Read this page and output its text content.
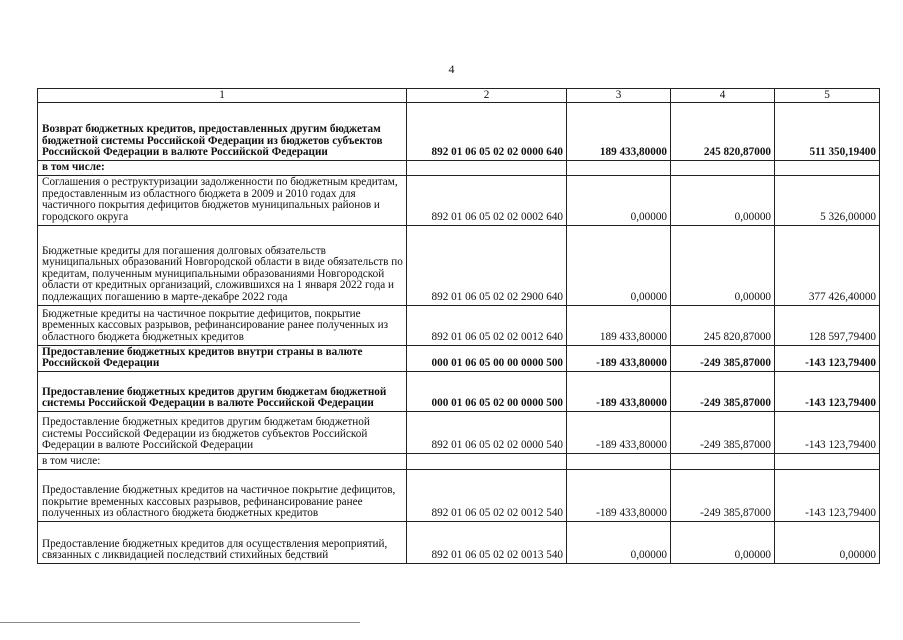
4
1	2	3	4	5
Возврат бюджетных кредитов, предоставленных другим бюджетам бюджетной системы Российской Федерации из бюджетов субъектов Российской Федерации в валюте Российской Федерации	892 01 06 05 02 02 0000 640	189 433,80000	245 820,87000	511 350,19400
в том числе:				
Соглашения о реструктуризации задолженности по бюджетным кредитам, предоставленным из областного бюджета в 2009 и 2010 годах для частичного покрытия дефицитов бюджетов муниципальных районов и городского округа	892 01 06 05 02 02 0002 640	0,00000	0,00000	5 326,00000
Бюджетные кредиты для погашения долговых обязательств муниципальных образований Новгородской области в виде обязательств по кредитам, полученным муниципальными образованиями Новгородской области от кредитных организаций, сложившихся на 1 января 2022 года и подлежащих погашению в марте-декабре 2022 года	892 01 06 05 02 02 2900 640	0,00000	0,00000	377 426,40000
Бюджетные кредиты на частичное покрытие дефицитов, покрытие временных кассовых разрывов, рефинансирование ранее полученных из областного бюджета бюджетных кредитов	892 01 06 05 02 02 0012 640	189 433,80000	245 820,87000	128 597,79400
Предоставление бюджетных кредитов внутри страны в валюте Российской Федерации	000 01 06 05 00 00 0000 500	-189 433,80000	-249 385,87000	-143 123,79400
Предоставление бюджетных кредитов другим бюджетам бюджетной системы Российской Федерации в валюте Российской Федерации	000 01 06 05 02 00 0000 500	-189 433,80000	-249 385,87000	-143 123,79400
Предоставление бюджетных кредитов другим бюджетам бюджетной системы Российской Федерации из бюджетов субъектов Российской Федерации в валюте Российской Федерации	892 01 06 05 02 02 0000 540	-189 433,80000	-249 385,87000	-143 123,79400
в том числе:				
Предоставление бюджетных кредитов на частичное покрытие дефицитов, покрытие временных кассовых разрывов, рефинансирование ранее полученных из областного бюджета бюджетных кредитов	892 01 06 05 02 02 0012 540	-189 433,80000	-249 385,87000	-143 123,79400
Предоставление бюджетных кредитов для осуществления мероприятий, связанных с ликвидацией последствий стихийных бедствий	892 01 06 05 02 02 0013 540	0,00000	0,00000	0,00000
